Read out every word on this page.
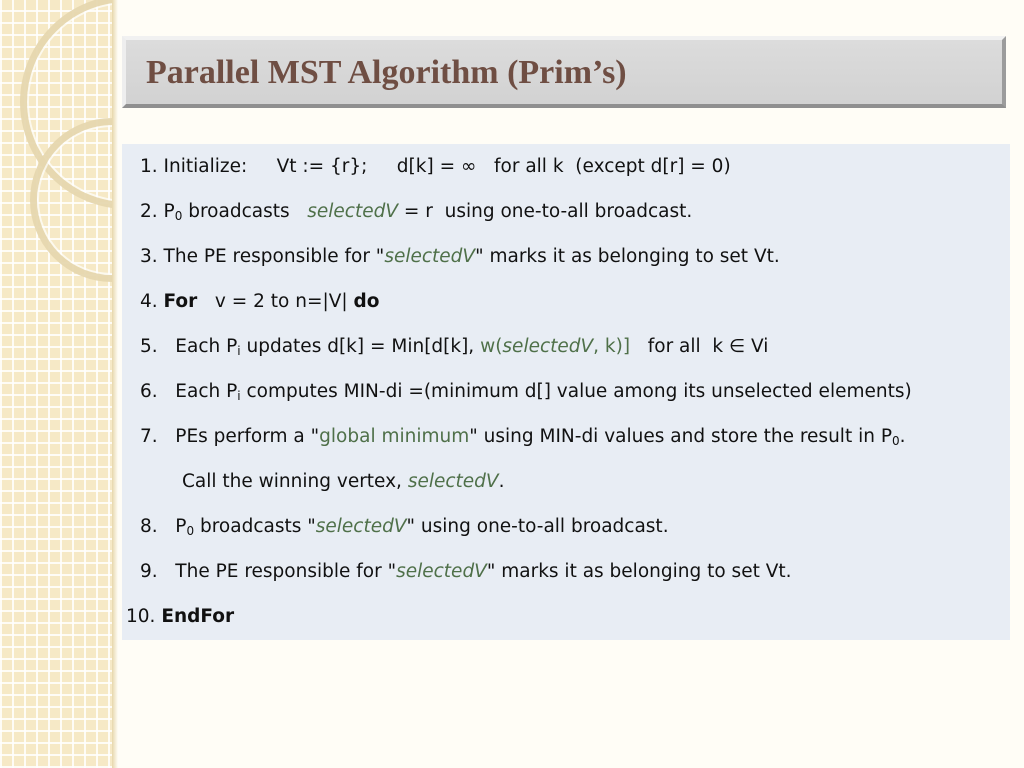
Parallel MST Algorithm (Prim’s)
1. Initialize:     Vt := {r};     d[k] = ∞   for all k  (except d[r] = 0)
2. $P_0$ broadcasts   selectedV = r  using one-to-all broadcast.
3. The PE responsible for "selectedV" marks it as belonging to set Vt.
4. For   v = 2 to n=|V| do
5.   Each $P_i$ updates d[k] = Min[d[k], w(selectedV, k)]   for all  k ∈ Vi
6.   Each $P_i$ computes MIN-di =(minimum d[] value among its unselected elements)
7.   PEs perform a "global minimum" using MIN-di values and store the result in $P_0$.
Call the winning vertex, selectedV.
8.   $P_0$ broadcasts "selectedV" using one-to-all broadcast.
9.   The PE responsible for "selectedV" marks it as belonging to set Vt.
10. EndFor
